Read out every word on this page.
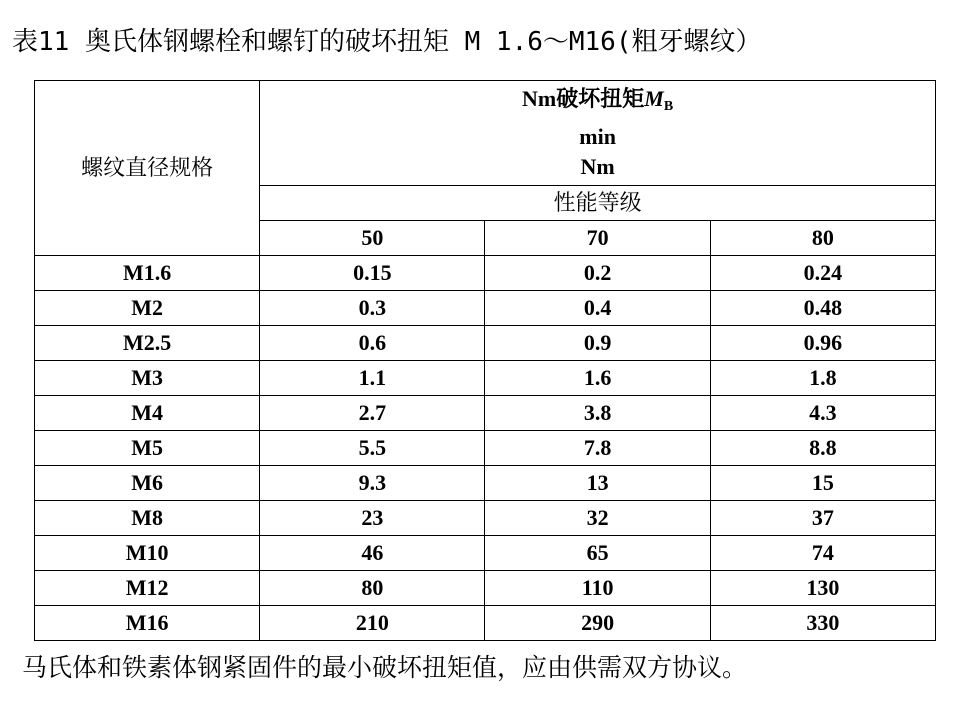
表11 奥氏体钢螺栓和螺钉的破坏扭矩 M 1.6～M16(粗牙螺纹）
螺纹直径规格	Nm破坏扭矩$M_B$
min
Nm		

	性能等级		
	50	70	80
M1.6	0.15	0.2	0.24
M2	0.3	0.4	0.48
M2.5	0.6	0.9	0.96
M3	1.1	1.6	1.8
M4	2.7	3.8	4.3
M5	5.5	7.8	8.8
M6	9.3	13	15
M8	23	32	37
M10	46	65	74
M12	80	110	130
M16	210	290	330
马氏体和铁素体钢紧固件的最小破坏扭矩值，应由供需双方协议。
